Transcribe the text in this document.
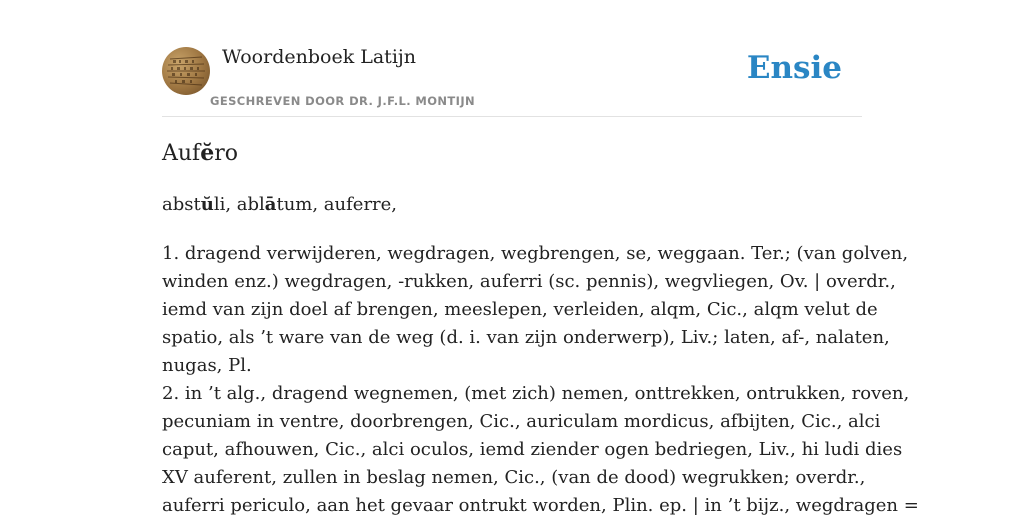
Woordenboek Latijn
GESCHREVEN DOOR DR. J.F.L. MONTIJN
Ensie
Aufĕro
abstŭli, ablātum, auferre,

1. dragend verwijderen, wegdragen, wegbrengen, se, weggaan. Ter.; (van golven,

winden enz.) wegdragen, -rukken, auferri (sc. pennis), wegvliegen, Ov. | overdr.,

iemd van zijn doel af brengen, meeslepen, verleiden, alqm, Cic., alqm velut de

spatio, als ’t ware van de weg (d. i. van zijn onderwerp), Liv.; laten, af-, nalaten,

nugas, Pl.

2. in ’t alg., dragend wegnemen, (met zich) nemen, onttrekken, ontrukken, roven,

pecuniam in ventre, doorbrengen, Cic., auriculam mordicus, afbijten, Cic., alci

caput, afhouwen, Cic., alci oculos, iemd ziender ogen bedriegen, Liv., hi ludi dies

XV auferent, zullen in beslag nemen, Cic., (van de dood) wegrukken; overdr.,

auferri periculo, aan het gevaar ontrukt worden, Plin. ep. | in ’t bijz., wegdragen =
